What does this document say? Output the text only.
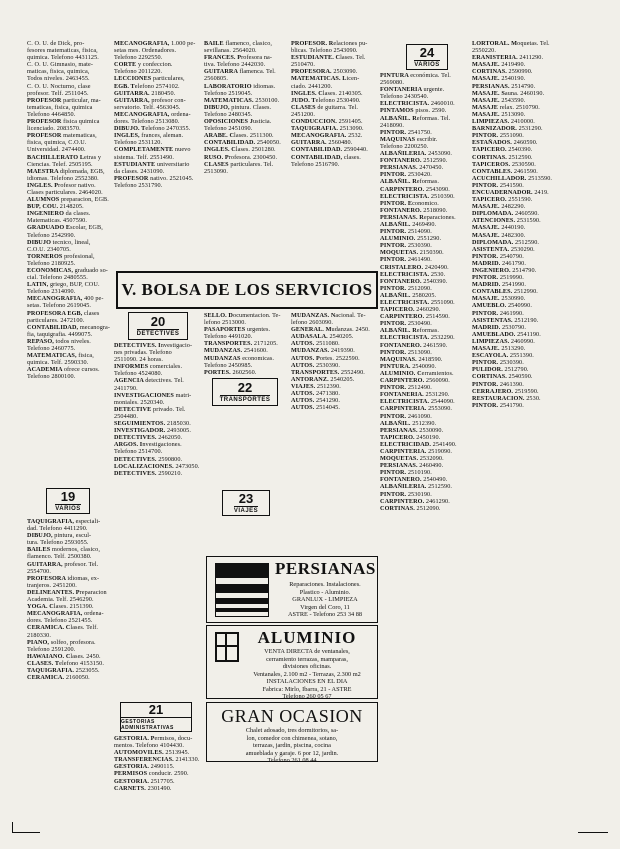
C. O. U. de Dick, pro-
fesores matematicas, fisica,
quimica. Telefono 4431125.
C. O. U. Gimnasio, mate-
maticas, fisica, quimica,
Todos niveles. 2463455.
C. O. U. Nocturno, clase
profesor. Telf. 2511045.
PROFESOR particular, ma-
tematicas, fisica, quimica
Telefono 4464850.
PROFESOR fisica quimica
licenciado. 2083570.
PROFESOR matematicas,
fisica, quimica, C.O.U.
Universidad. 2474400.
BACHILLERATO Letras y
Ciencias. Telef. 2505195.
MAESTRA diplomada, EGB,
idiomas. Telefono 2552380.
INGLES. Profesor nativo.
Clases particulares. 2464020.
ALUMNOS preparacion, EGB.
BUP, COU. 2148205.
INGENIERO da clases.
Matematicas. 4507590.
GRADUADO Escolar, EGB,
Telefono 2542990.
DIBUJO tecnico, lineal,
C.O.U. 2340705.
TORNEROS profesional,
Telefono 2180925.
ECONOMICAS, graduado so-
cial. Telefono 2480555.
LATIN, griego, BUP, COU.
Telefono 2314090.
MECANOGRAFIA, 400 pe-
setas. Telefono 2619045.
PROFESORA EGB, clases
particulares. 2472100.
CONTABILIDAD, mecanogra-
fia, taquigrafia. 4499075.
REPASO, todos niveles.
Telefono 2460775.
MATEMATICAS, fisica,
quimica. Telf. 2590330.
ACADEMIA ofrece cursos.
Telefono 2800100.
19
VARIOS
TAQUIGRAFIA, especiali-
dad. Telefono 4411290.
DIBUJO, pintura, escul-
tura. Telefono 2593055.
BAILES modernos, clasico,
flamenco. Telf. 2500380.
GUITARRA, profesor. Tel.
2554700.
PROFESORA idiomas, ex-
tranjeros. 2451200.
DELINEANTES. Preparacion
Academia. Telf. 2546290.
YOGA. Clases. 2151390.
MECANOGRAFIA, ordena-
dores. Telefono 2521455.
CERAMICA. Clases. Telf.
2180330.
PIANO, solfeo, profesora.
Telefono 2591200.
HAWAIANO. Clases. 2450.
CLASES. Telefono 4153150.
TAQUIGRAFIA. 2523055.
CERAMICA. 2160050.
MECANOGRAFIA, 1.000 pe-
setas mes. Ordenadores.
Telefono 2292550.
CORTE y confeccion.
Telefono 2011220.
LECCIONES particulares,
EGB. Telefono 2574102.
GUITARRA. 2180450.
GUITARRA, profesor con-
servatorio. Telf. 4563045.
MECANOGRAFIA, ordena-
dores. Telefono 2513080.
DIBUJO. Telefono 2470355.
INGLES, frances, aleman.
Telefono 2531120.
COMPLETAMENTE nuevo
sistema. Telf. 2551490.
ESTUDIANTE universitario
da clases. 2431090.
PROFESOR nativo. 2521045.
Telefono 2531790.
V. BOLSA DE LOS SERVICIOS
20
DETECTIVES
DETECTIVES. Investigacio-
nes privadas. Telefono
2511090. 24 horas.
INFORMES comerciales.
Telefono 4524080.
AGENCIA detectives. Tel.
2411790.
INVESTIGACIONES matri-
moniales. 2520340.
DETECTIVE privado. Tel.
2504480.
SEGUIMIENTOS. 2185030.
INVESTIGADOR. 2493005.
DETECTIVES. 2462050.
ARGOS. Investigaciones.
Telefono 2514700.
DETECTIVES. 2590800.
LOCALIZACIONES. 2473050.
DETECTIVES. 2590210.
21
GESTORIAS ADMINISTRATIVAS
GESTORIA. Permisos, docu-
mentos. Telefono 4104430.
AUTOMOVILES. 2513945.
TRANSFERENCIAS. 2141330.
GESTORIA. 2490115.
PERMISOS conducir. 2590.
GESTORIA. 2517705.
CARNETS. 2301490.
BAILE flamenco, clasico,
sevillanas. 2564020.
FRANCES. Profesora na-
tiva. Telefono 2442030.
GUITARRA flamenca. Tel.
2560805.
LABORATORIO idiomas.
Telefono 2519045.
MATEMATICAS. 2530100.
DIBUJO, pintura. Clases.
Telefono 2480345.
OPOSICIONES Justicia.
Telefono 2451090.
ARABE. Clases. 2511300.
CONTABILIDAD. 2540050.
INGLES. Clases. 2501280.
RUSO. Profesora. 2300450.
CLASES particulares. Tel.
2513090.
SELLO. Documentacion. Te-
lefono 2513000.
PASAPORTES urgentes.
Telefono 4491020.
TRANSPORTES. 2171205.
MUDANZAS. 2541600.
MUDANZAS economicas.
Telefono 2450985.
PORTES. 2602560.
22
TRANSPORTES
23
VIAJES
PROFESOR. Relaciones pu-
blicas. Telefono 2543090.
ESTUDIANTE. Clases. Tel.
2510470.
PROFESORA. 2503090.
MATEMATICAS. Licen-
ciado. 2441200.
INGLES. Clases. 2140305.
JUDO. Telefono 2530490.
CLASES de guitarra. Tel.
2451200.
CONDUCCION. 2591405.
TAQUIGRAFIA. 2513090.
MECANOGRAFIA. 2532.
GUITARRA. 2560480.
CONTABILIDAD. 2590440.
CONTABILIDAD, clases.
Telefono 2516790.
MUDANZAS. Nacional. Te-
lefono 2603090.
GENERAL. Mudanzas. 2450.
AUDASALA. 2540205.
AUTOS. 2511080.
MUDANZAS. 2419390.
AUTOS. Portes. 2522590.
AUTOS. 2530390.
TRANSPORTES. 2552490.
ANTORANZ. 2540205.
VIAJES. 2512390.
AUTOS. 2471380.
AUTOS. 2541290.
AUTOS. 2514045.
24
VARIOS
PINTURA económica. Tel.
2569080.
FONTANERIA urgente.
Telefono 2430540.
ELECTRICISTA. 2460010.
PINTAMOS pisos. 2590.
ALBAÑIL. Reformas. Tel.
2418090.
PINTOR. 2541750.
MAQUINAS escribir.
Telefono 2200250.
ALBAÑILERIA. 2453090.
FONTANERO. 2512590.
PERSIANAS. 2470450.
PINTOR. 2530420.
ALBAÑIL. Reformas.
CARPINTERO. 2543090.
ELECTRICISTA. 2510390.
PINTOR. Economico.
FONTANERO. 2518090.
PERSIANAS. Reparaciones.
ALBAÑIL. 2469490.
PINTOR. 2514090.
ALUMINIO. 2551290.
PINTOR. 2530390.
MOQUETAS. 2150390.
PINTOR. 2461490.
CRISTALERO. 2420490.
ELECTRICISTA. 2530.
FONTANERO. 2540390.
PINTOR. 2512090.
ALBAÑIL. 2580205.
ELECTRICISTA. 2551090.
TAPICERO. 2460290.
CARPINTERO. 2514590.
PINTOR. 2530490.
ALBAÑIL. Reformas.
ELECTRICISTA. 2532290.
FONTANERO. 2461590.
PINTOR. 2513090.
MAQUINAS. 2418590.
PINTURA. 2540090.
ALUMINIO. Cerramientos.
CARPINTERO. 2560090.
PINTOR. 2512490.
FONTANERIA. 2531290.
ELECTRICISTA. 2544090.
CARPINTERIA. 2553090.
PINTOR. 2461090.
ALBAÑIL. 2512390.
PERSIANAS. 2530090.
TAPICERO. 2450190.
ELECTRICIDAD. 2541490.
CARPINTERIA. 2519090.
MOQUETAS. 2532090.
PERSIANAS. 2460490.
PINTOR. 2510190.
FONTANERO. 2540490.
ALBAÑILERIA. 2512590.
PINTOR. 2530190.
CARPINTERO. 2461290.
CORTINAS. 2512090.
LORTORAL. Moquetas. Tel.
2550220.
ERANISTERIA. 2411290.
MASAJE. 2419490.
CORTINAS. 2590990.
MASAJE. 2540190.
PERSIANAS. 2514790.
MASAJE. Sauna. 2460190.
MASAJE. 2543590.
MASAJE relax. 2510790.
MASAJE. 2513090.
LIMPIEZAS. 2410000.
BARNIZADOR. 2531290.
PINTOR. 2551090.
ESTAÑADOS. 2460590.
TAPICERO. 2540390.
CORTINAS. 2512590.
TAPICEROS. 2530590.
CONTABLES. 2461590.
ACUCHILLADOR. 2513590.
PINTOR. 2541590.
ENCUADERNADOR. 2419.
TAPICERO. 2551590.
MASAJE. 2482290.
DIPLOMADA. 2460590.
ATENCIONES. 2531590.
MASAJE. 2440190.
MASAJE. 2482300.
DIPLOMADA. 2512590.
ASISTENTA. 2530290.
PINTOR. 2540790.
MADRID. 2461790.
INGENIERO. 2514790.
PINTOR. 2519990.
MADRID. 2541990.
CONTABLES. 2512990.
MASAJE. 2530990.
AMUEBLO. 2540990.
PINTOR. 2461990.
ASISTENTAS. 2512190.
MADRID. 2530790.
AMUEBLADO. 2541190.
LIMPIEZAS. 2460990.
MASAJE. 2513290.
ESCAYOLA. 2551390.
PINTOR. 2530390.
PULIDOR. 2512790.
CORTINAS. 2540590.
PINTOR. 2461390.
CERRAJERO. 2519590.
RESTAURACION. 2530.
PINTOR. 2541790.
PERSIANAS
Reparaciones. Instalaciones.
Plastico - Aluminio.
GRANLUX - LIMPIEZA
Virgen del Coro, 11
ASTRE - Telefono 253 34 88
ALUMINIO
VENTA DIRECTA de ventanales,
cerramiento terrazas, mamparas,
divisiones oficinas.
Ventanales, 2.100 m2 - Terrazas, 2.300 m2
INSTALACIONES EN EL DIA
Fabrica: Mirlo, Ibarra, 21 - ASTRE
Telefono 260 05 67
GRAN OCASION
Chalet adosado, tres dormitorios, sa-
lon, comedor con chimenea, sotano,
terrazas, jardin, piscina, cocina
amueblada y garaje. 6 por 12, jardin.
Telefono 261 08 44
